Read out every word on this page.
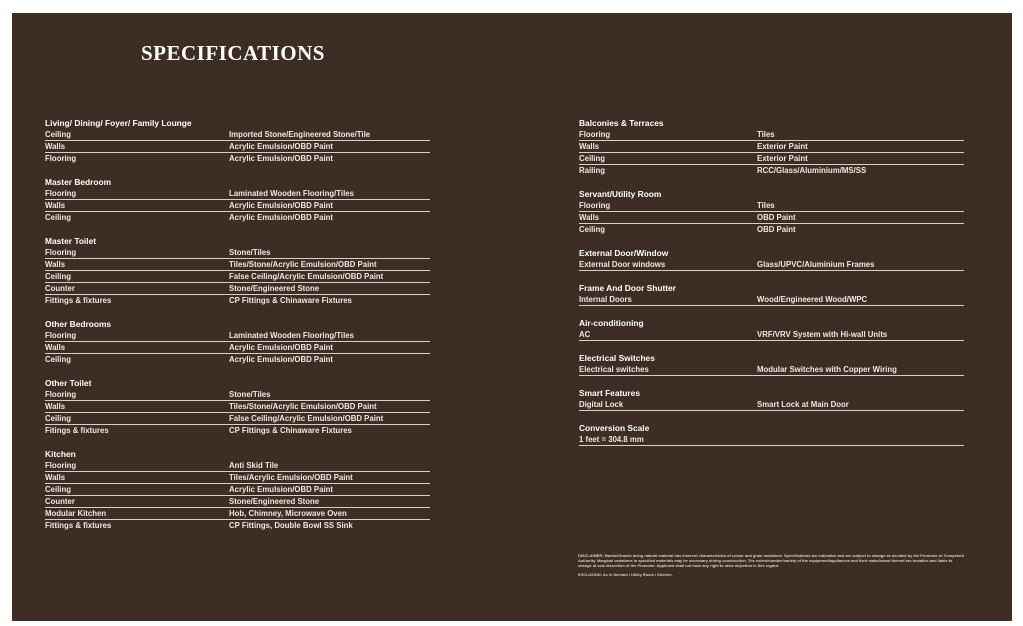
SPECIFICATIONS
Living/ Dining/ Foyer/ Family Lounge
Ceiling	Imported Stone/Engineered Stone/Tile
Walls	Acrylic Emulsion/OBD Paint
Flooring	Acrylic Emulsion/OBD Paint
Master Bedroom
Flooring	Laminated Wooden Flooring/Tiles
Walls	Acrylic Emulsion/OBD Paint
Ceiling	Acrylic Emulsion/OBD Paint
Master Toilet
Flooring	Stone/Tiles
Walls	Tiles/Stone/Acrylic Emulsion/OBD Paint
Ceiling	False Ceiling/Acrylic Emulsion/OBD Paint
Counter	Stone/Engineered Stone
Fittings & fixtures	CP Fittings & Chinaware Fixtures
Other Bedrooms
Flooring	Laminated Wooden Flooring/Tiles
Walls	Acrylic Emulsion/OBD Paint
Ceiling	Acrylic Emulsion/OBD Paint
Other Toilet
Flooring	Stone/Tiles
Walls	Tiles/Stone/Acrylic Emulsion/OBD Paint
Ceiling	False Ceiling/Acrylic Emulsion/OBD Paint
Fitings & fixtures	CP Fittings & Chinaware Fixtures
Kitchen
Flooring	Anti Skid Tile
Walls	Tiles/Acrylic Emulsion/OBD Paint
Ceiling	Acrylic Emulsion/OBD Paint
Counter	Stone/Engineered Stone
Modular Kitchen	Hob, Chimney, Microwave Oven
Fittings & fixtures	CP Fittings, Double Bowl SS Sink
Balconies & Terraces
Flooring	Tiles
Walls	Exterior Paint
Ceiling	Exterior Paint
Railing	RCC/Glass/Aluminium/MS/SS
Servant/Utility Room
Flooring	Tiles
Walls	OBD Paint
Ceiling	OBD Paint
External Door/Window
External Door windows	Glass/UPVC/Aluminium Frames
Frame And Door Shutter
Internal Doors	Wood/Engineered Wood/WPC
Air-conditioning
AC	VRF/VRV System with Hi-wall Units
Electrical Switches
Electrical switches	Modular Switches with Copper Wiring
Smart Features
Digital Lock	Smart Lock at Main Door
Conversion Scale
1 feet = 304.8 mm

DISCLAIMER: Marble/Granite being natural material has inherent characteristics of colour and grain variations. Specifications are indicative and are subject to change as decided by the Promoter or Competent Authority. Marginal variations in specified materials may be necessary during construction. The extent/number/variety of the equipment/appliances and their make/brand thereof are tentative and liable to change at sole discretion of the Promoter. Applicant shall not have any right to raise objection in this regard.

EXCLUSION: Ac in Servant / Utility Room / Kitchen.
